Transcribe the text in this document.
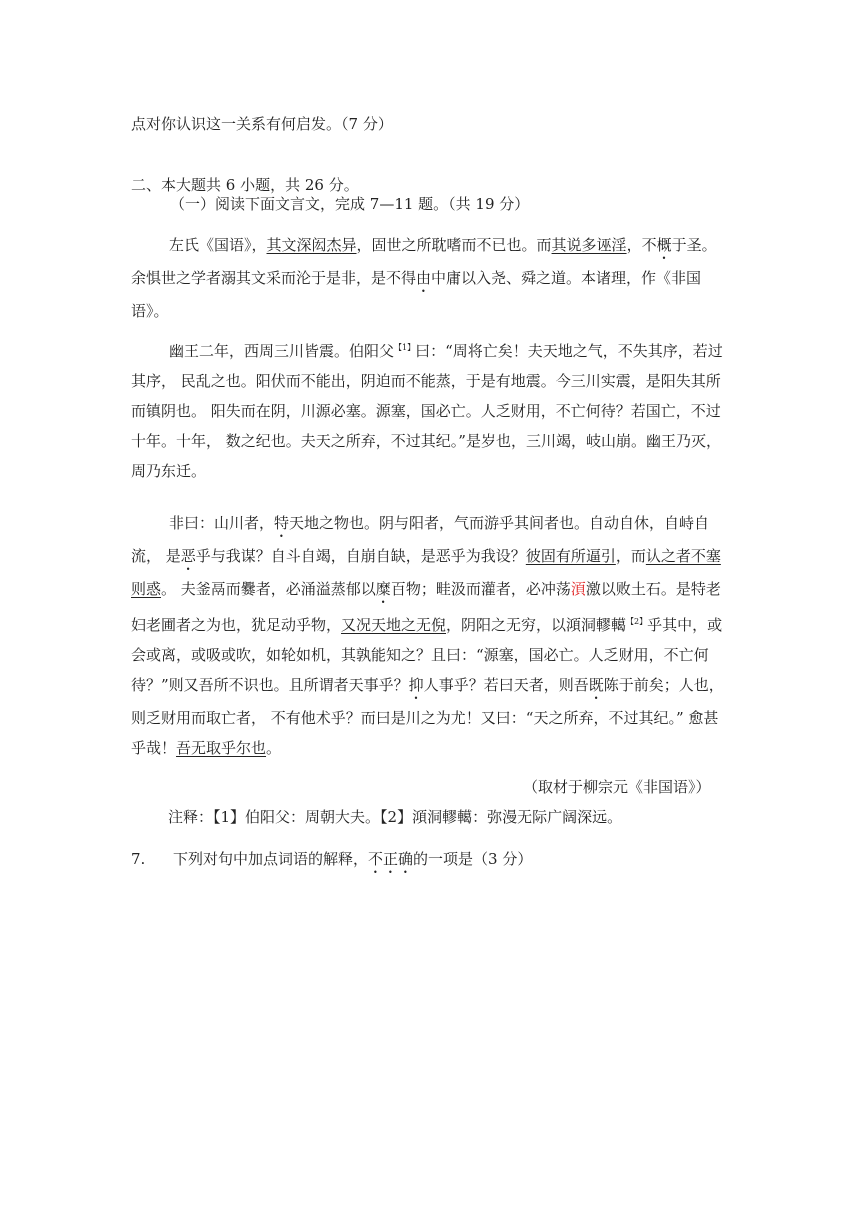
点对你认识这一关系有何启发。（7 分）
二、本大题共 6 小题，共 26 分。
（一）阅读下面文言文，完成 7—11 题。（共 19 分）
左氏《国语》，其文深闳杰异，固世之所耽嗜而不已也。而其说多诬淫，不概于圣。余惧世之学者溺其文采而沦于是非，是不得由中庸以入尧、舜之道。本诸理，作《非国语》。
幽王二年，西周三川皆震。伯阳父$^{【1】}$曰：“周将亡矣！夫天地之气，不失其序，若过其序， 民乱之也。阳伏而不能出，阴迫而不能蒸，于是有地震。今三川实震，是阳失其所而镇阴也。 阳失而在阴，川源必塞。源塞，国必亡。人乏财用，不亡何待？若国亡，不过十年。十年， 数之纪也。夫天之所弃，不过其纪。”是岁也，三川竭，岐山崩。幽王乃灭，周乃东迁。
非曰：山川者，特天地之物也。阴与阳者，气而游乎其间者也。自动自休，自峙自流， 是恶乎与我谋？自斗自竭，自崩自缺，是恶乎为我设？彼固有所逼引，而认之者不塞则惑。 夫釜鬲而爨者，必涌溢蒸郁以糜百物；畦汲而灌者，必冲荡湏激以败土石。是特老妇老圃者之为也，犹足动乎物，又况天地之无倪，阴阳之无穷，以澒洞轇轕$^{【2】}$乎其中，或会或离，或吸或吹，如轮如机，其孰能知之？且曰：“源塞，国必亡。人乏财用，不亡何待？”则又吾所不识也。且所谓者天事乎？抑人事乎？若曰天者，则吾既陈于前矣；人也，则乏财用而取亡者， 不有他术乎？而曰是川之为尤！又曰：“天之所弃，不过其纪。” 愈甚乎哉！吾无取乎尔也。
（取材于柳宗元《非国语》）
注释：【1】伯阳父：周朝大夫。【2】澒洞轇轕：弥漫无际广阔深远。
7. 下列对句中加点词语的解释，不正确的一项是（3 分）
